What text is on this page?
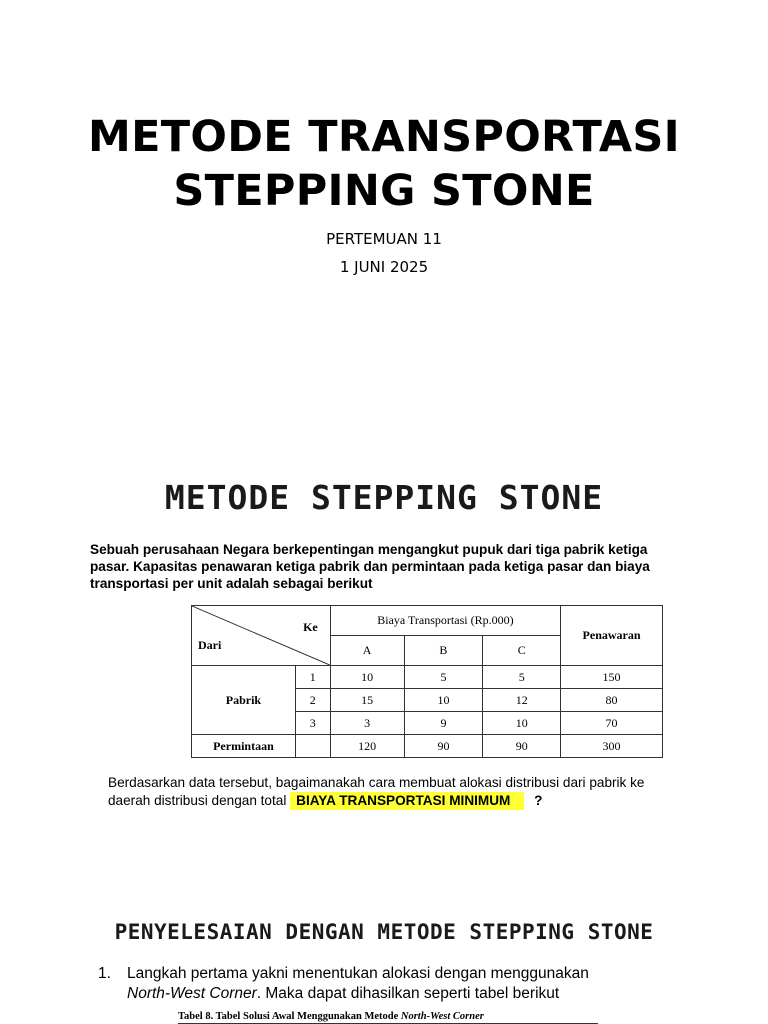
METODE TRANSPORTASI
STEPPING STONE
PERTEMUAN 11
1 JUNI 2025
METODE STEPPING STONE

Sebuah perusahaan Negara berkepentingan mengangkut pupuk dari tiga pabrik ketiga pasar. Kapasitas penawaran ketiga pabrik dan permintaan pada ketiga pasar dan biaya transportasi per unit adalah sebagai berikut

Ke
Dari		Biaya Transportasi (Rp.000)			Penawaran
		A	B	C	
Pabrik	1	10	5	5	150
	2	15	10	12	80
	3	3	9	10	70
Permintaan		120	90	90	300

Berdasarkan data tersebut, bagaimanakah cara membuat alokasi distribusi dari pabrik ke
daerah distribusi dengan total BIAYA TRANSPORTASI MINIMUM ?

PENYELESAIAN DENGAN METODE STEPPING STONE

1. Langkah pertama yakni menentukan alokasi dengan menggunakan
North-West Corner. Maka dapat dihasilkan seperti tabel berikut

Tabel 8. Tabel Solusi Awal Menggunakan Metode North-West Corner
